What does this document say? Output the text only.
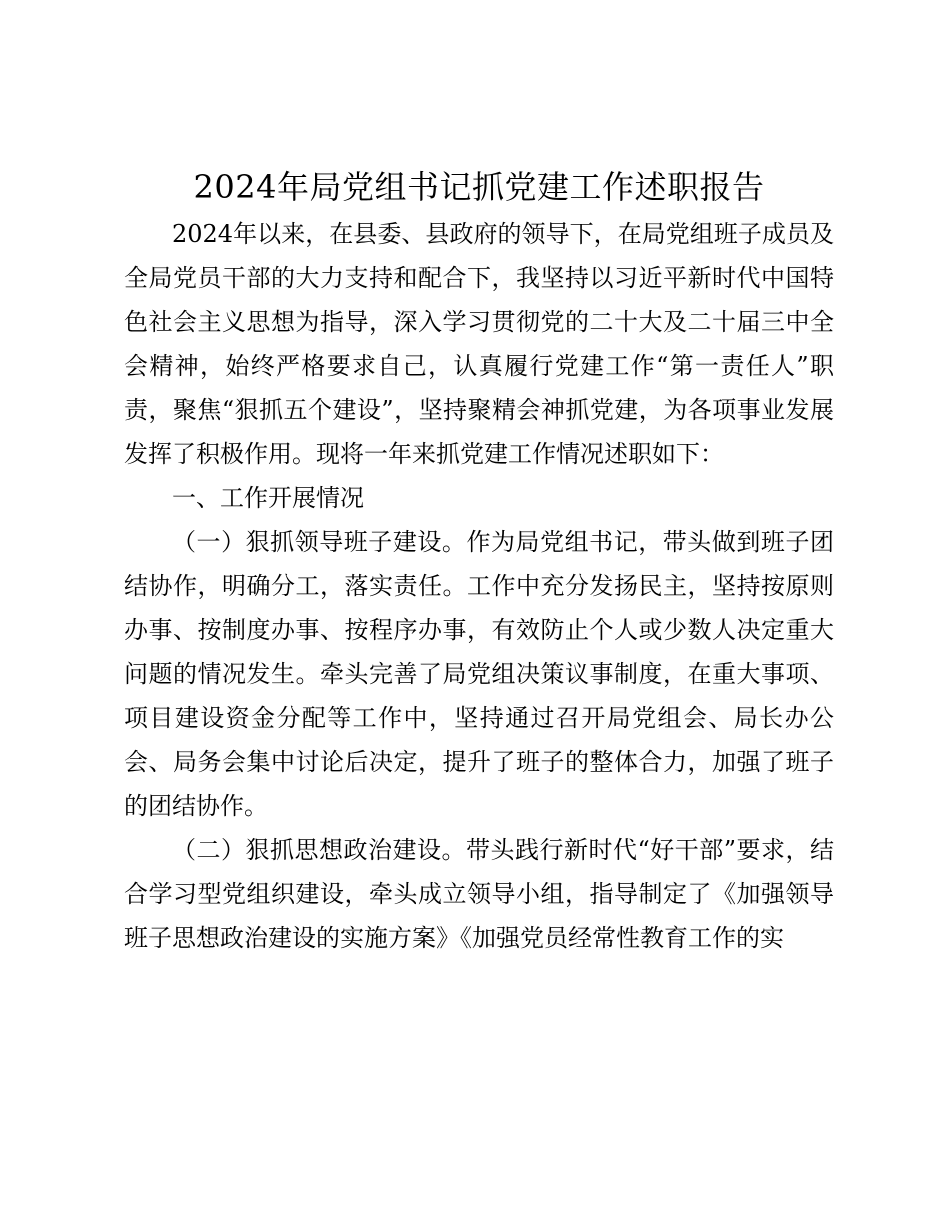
2024年局党组书记抓党建工作述职报告

2024年以来，在县委、县政府的领导下，在局党组班子成员及全局党员干部的大力支持和配合下，我坚持以习近平新时代中国特色社会主义思想为指导，深入学习贯彻党的二十大及二十届三中全会精神，始终严格要求自己，认真履行党建工作“第一责任人”职责，聚焦“狠抓五个建设”，坚持聚精会神抓党建，为各项事业发展发挥了积极作用。现将一年来抓党建工作情况述职如下：

一、工作开展情况

（一）狠抓领导班子建设。作为局党组书记，带头做到班子团结协作，明确分工，落实责任。工作中充分发扬民主，坚持按原则办事、按制度办事、按程序办事，有效防止个人或少数人决定重大问题的情况发生。牵头完善了局党组决策议事制度，在重大事项、项目建设资金分配等工作中，坚持通过召开局党组会、局长办公会、局务会集中讨论后决定，提升了班子的整体合力，加强了班子的团结协作。

（二）狠抓思想政治建设。带头践行新时代“好干部”要求，结合学习型党组织建设，牵头成立领导小组，指导制定了《加强领导班子思想政治建设的实施方案》《加强党员经常性教育工作的实
